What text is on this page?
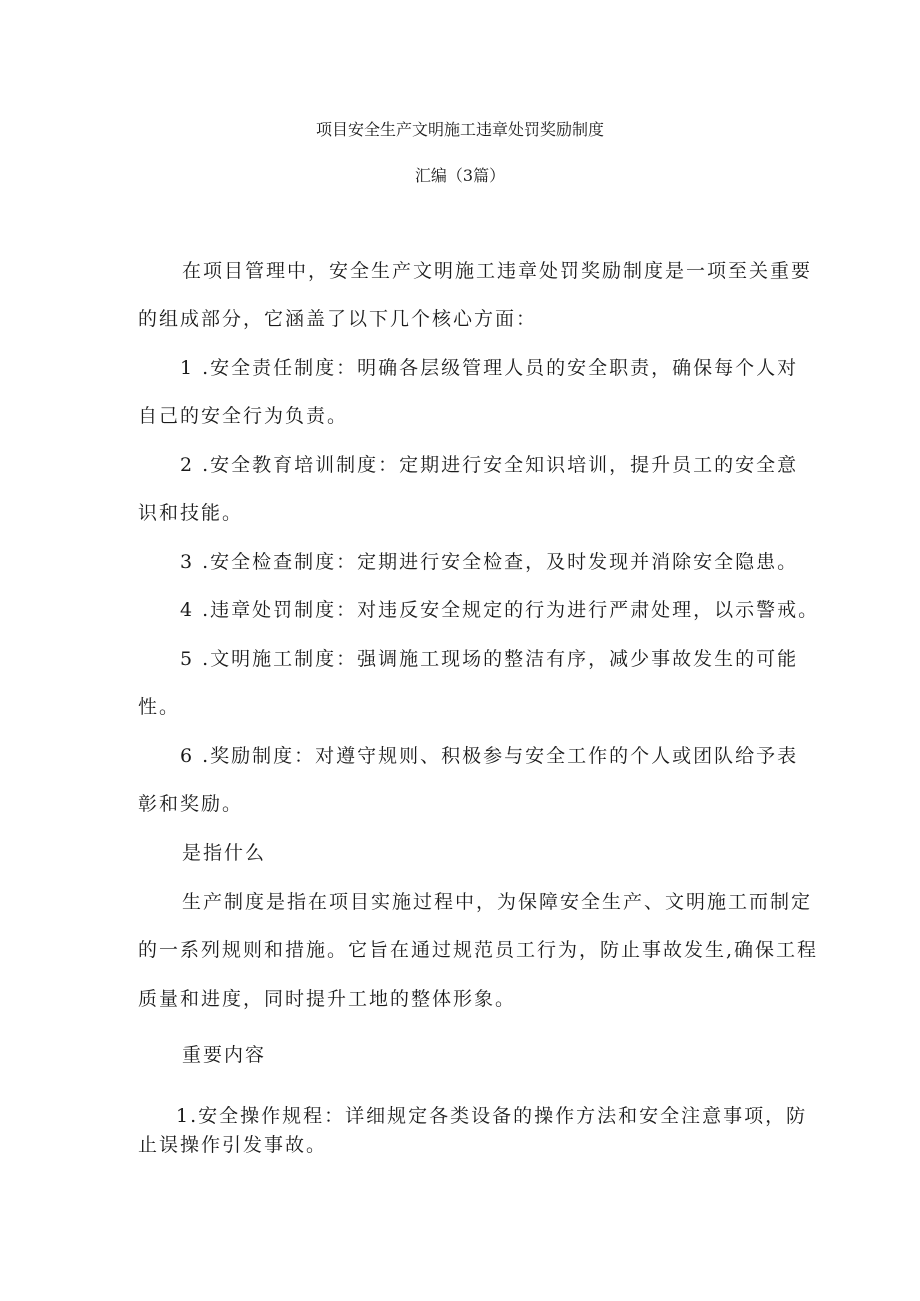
项目安全生产文明施工违章处罚奖励制度
汇编（3篇）

在项目管理中，安全生产文明施工违章处罚奖励制度是一项至关重要

的组成部分，它涵盖了以下几个核心方面：

1 .安全责任制度：明确各层级管理人员的安全职责，确保每个人对

自己的安全行为负责。

2 .安全教育培训制度：定期进行安全知识培训，提升员工的安全意

识和技能。

3 .安全检查制度：定期进行安全检查，及时发现并消除安全隐患。

4 .违章处罚制度：对违反安全规定的行为进行严肃处理，以示警戒。

5 .文明施工制度：强调施工现场的整洁有序，减少事故发生的可能

性。

6 .奖励制度：对遵守规则、积极参与安全工作的个人或团队给予表

彰和奖励。

是指什么

生产制度是指在项目实施过程中，为保障安全生产、文明施工而制定

的一系列规则和措施。它旨在通过规范员工行为，防止事故发生,确保工程

质量和进度，同时提升工地的整体形象。

重要内容

1.安全操作规程：详细规定各类设备的操作方法和安全注意事项，防

止误操作引发事故。
